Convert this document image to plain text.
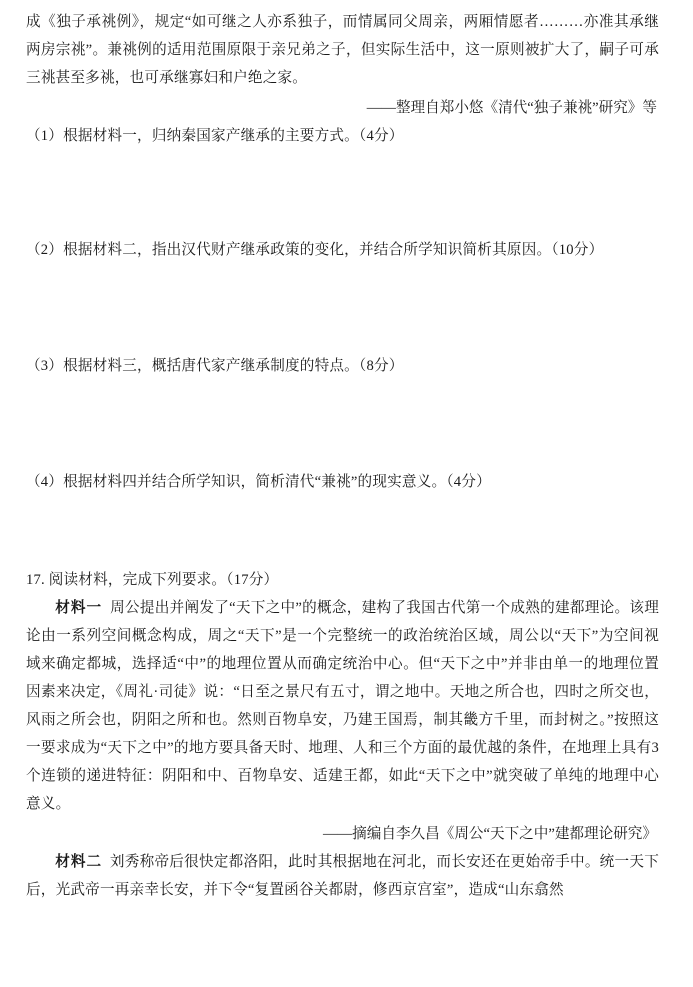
成《独子承祧例》，规定“如可继之人亦系独子，而情属同父周亲，两厢情愿者………亦准其承继两房宗祧”。兼祧例的适用范围原限于亲兄弟之子，但实际生活中，这一原则被扩大了，嗣子可承三祧甚至多祧，也可承继寡妇和户绝之家。

——整理自郑小悠《清代“独子兼祧”研究》等

（1）根据材料一，归纳秦国家产继承的主要方式。（4分）

（2）根据材料二，指出汉代财产继承政策的变化，并结合所学知识简析其原因。（10分）

（3）根据材料三，概括唐代家产继承制度的特点。（8分）

（4）根据材料四并结合所学知识，简析清代“兼祧”的现实意义。（4分）

17. 阅读材料，完成下列要求。（17分）

材料一 周公提出并阐发了“天下之中”的概念，建构了我国古代第一个成熟的建都理论。该理论由一系列空间概念构成，周之“天下”是一个完整统一的政治统治区域，周公以“天下”为空间视域来确定都城，选择适“中”的地理位置从而确定统治中心。但“天下之中”并非由单一的地理位置因素来决定，《周礼·司徒》说：“日至之景尺有五寸，谓之地中。天地之所合也，四时之所交也，风雨之所会也，阴阳之所和也。然则百物阜安，乃建王国焉，制其畿方千里，而封树之。”按照这一要求成为“天下之中”的地方要具备天时、地理、人和三个方面的最优越的条件，在地理上具有3个连锁的递进特征：阴阳和中、百物阜安、适建王都，如此“天下之中”就突破了单纯的地理中心意义。

——摘编自李久昌《周公“天下之中”建都理论研究》

材料二 刘秀称帝后很快定都洛阳，此时其根据地在河北，而长安还在更始帝手中。统一天下后，光武帝一再亲幸长安，并下令“复置函谷关都尉，修西京宫室”，造成“山东翕然
